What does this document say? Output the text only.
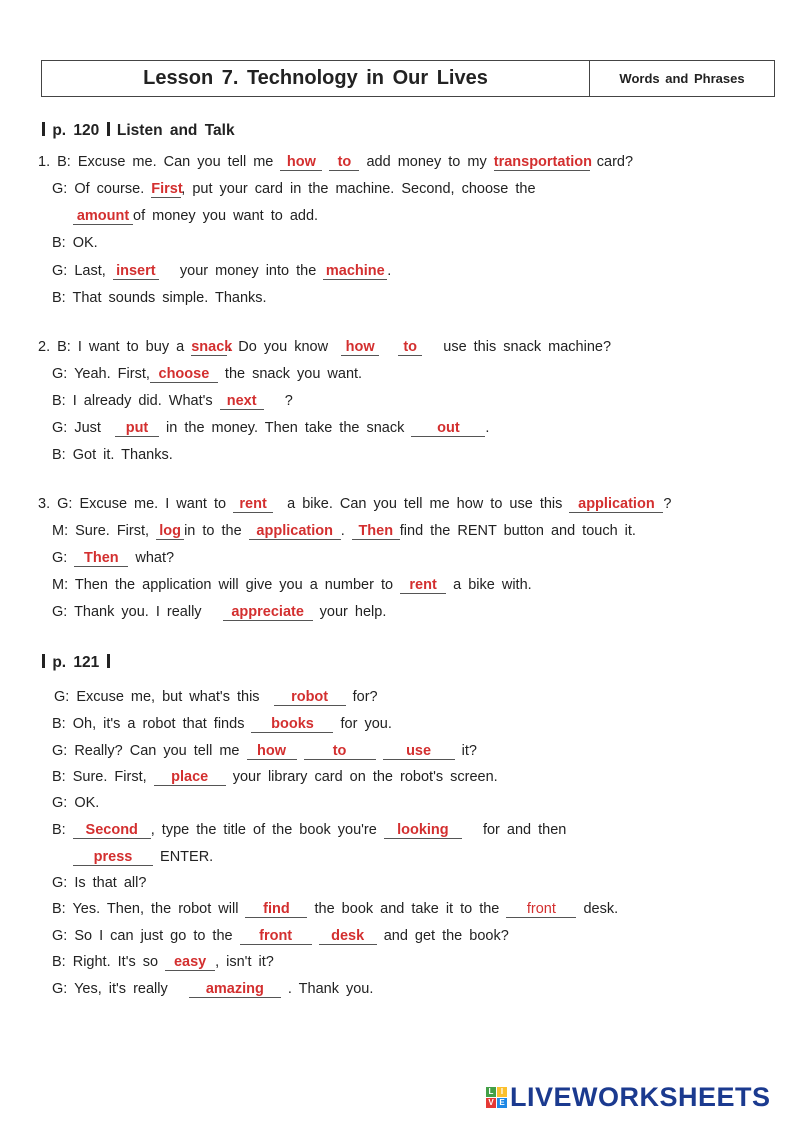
Lesson 7. Technology in Our Lives	Words and Phrases
p. 120 Listen and Talk
1. B: Excuse me. Can you tell me how to add money to my transportation card?
G: Of course. First, put your card in the machine. Second, choose the
amount of money you want to add.
B: OK.
G: Last, insert your money into the machine .
B: That sounds simple. Thanks.
2. B: I want to buy a snack. Do you know how to use this snack machine?
G: Yeah. First, choose the snack you want.
B: I already did. What's next ?
G: Just put in the money. Then take the snack out .
B: Got it. Thanks.
3. G: Excuse me. I want to rent a bike. Can you tell me how to use this application ?
M: Sure. First, log in to the application . Then find the RENT button and touch it.
G: Then what?
M: Then the application will give you a number to rent a bike with.
G: Thank you. I really appreciate your help.
p. 121
G: Excuse me, but what's this robot for?
B: Oh, it's a robot that finds books for you.
G: Really? Can you tell me how	to	use it?
B: Sure. First, place your library card on the robot's screen.
G: OK.
B: Second , type the title of the book you're looking for and then
press ENTER.
G: Is that all?
B: Yes. Then, the robot will find the book and take it to the front desk.
G: So I can just go to the front	desk and get the book?
B: Right. It's so easy , isn't it?
G: Yes, it's really	amazing . Thank you.
L I
V E LIVEWORKSHEETS
